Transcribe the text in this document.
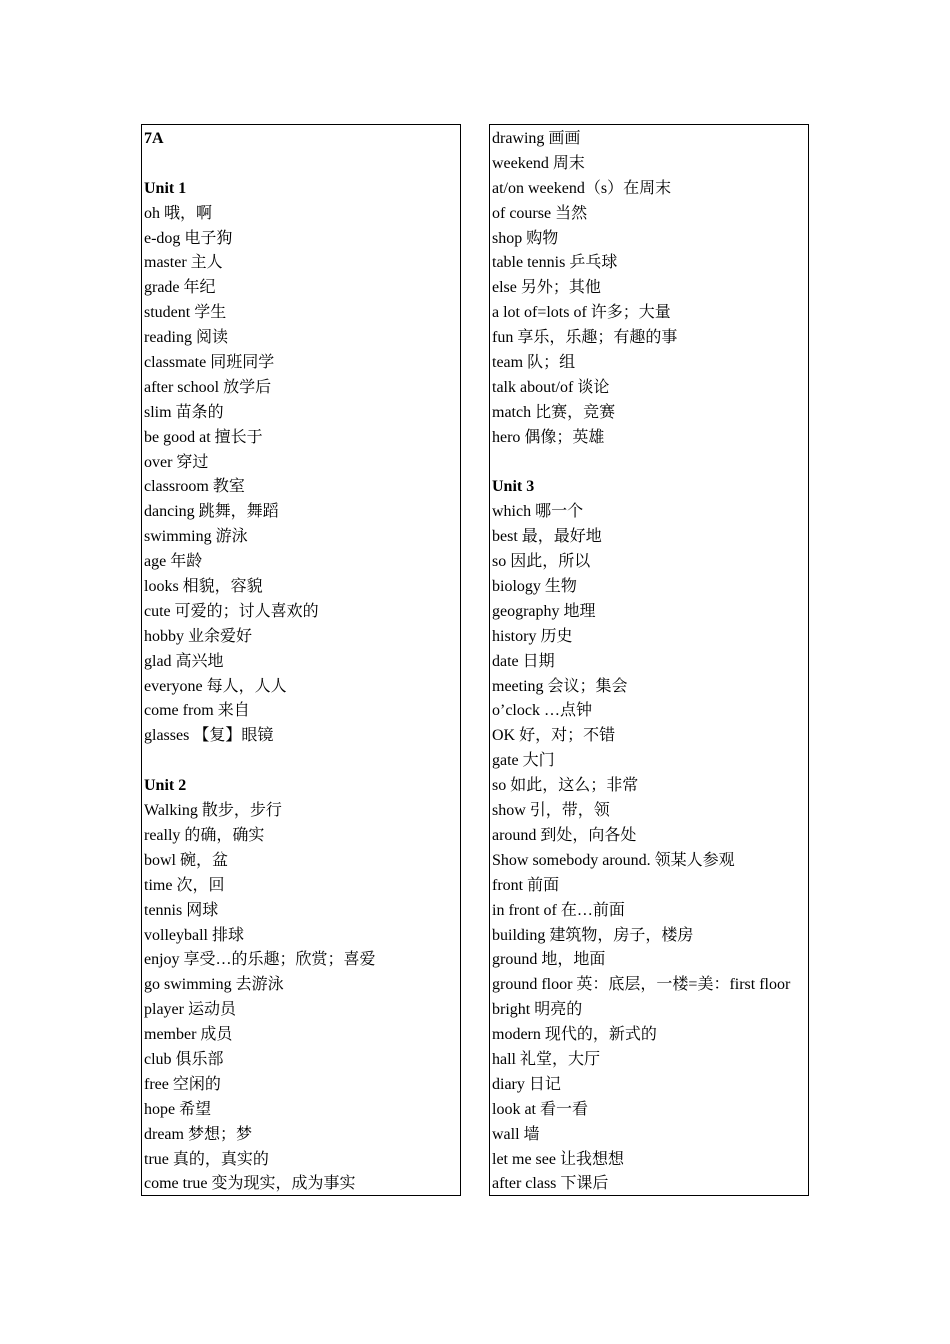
7A
Unit 1
oh 哦，啊
e-dog 电子狗
master 主人
grade 年纪
student 学生
reading 阅读
classmate 同班同学
after school 放学后
slim 苗条的
be good at 擅长于
over 穿过
classroom 教室
dancing 跳舞，舞蹈
swimming 游泳
age 年龄
looks 相貌，容貌
cute 可爱的；讨人喜欢的
hobby 业余爱好
glad 高兴地
everyone 每人，人人
come from 来自
glasses 【复】眼镜
Unit 2
Walking 散步，步行
really 的确，确实
bowl 碗，盆
time 次，回
tennis 网球
volleyball 排球
enjoy 享受…的乐趣；欣赏；喜爱
go swimming 去游泳
player 运动员
member 成员
club 俱乐部
free 空闲的
hope 希望
dream 梦想；梦
true 真的，真实的
come true 变为现实，成为事实
drawing 画画
weekend 周末
at/on weekend（s）在周末
of course 当然
shop 购物
table tennis 乒乓球
else 另外；其他
a lot of=lots of 许多；大量
fun 享乐，乐趣；有趣的事
team 队；组
talk about/of 谈论
match 比赛，竞赛
hero 偶像；英雄
Unit 3
which 哪一个
best 最，最好地
so 因此，所以
biology 生物
geography 地理
history 历史
date 日期
meeting 会议；集会
o’clock …点钟
OK 好，对；不错
gate 大门
so 如此，这么；非常
show 引，带，领
around 到处，向各处
Show somebody around. 领某人参观
front 前面
in front of 在…前面
building 建筑物，房子，楼房
ground 地，地面
ground floor 英：底层，一楼=美：first floor
bright 明亮的
modern 现代的，新式的
hall 礼堂，大厅
diary 日记
look at 看一看
wall 墙
let me see 让我想想
after class 下课后
